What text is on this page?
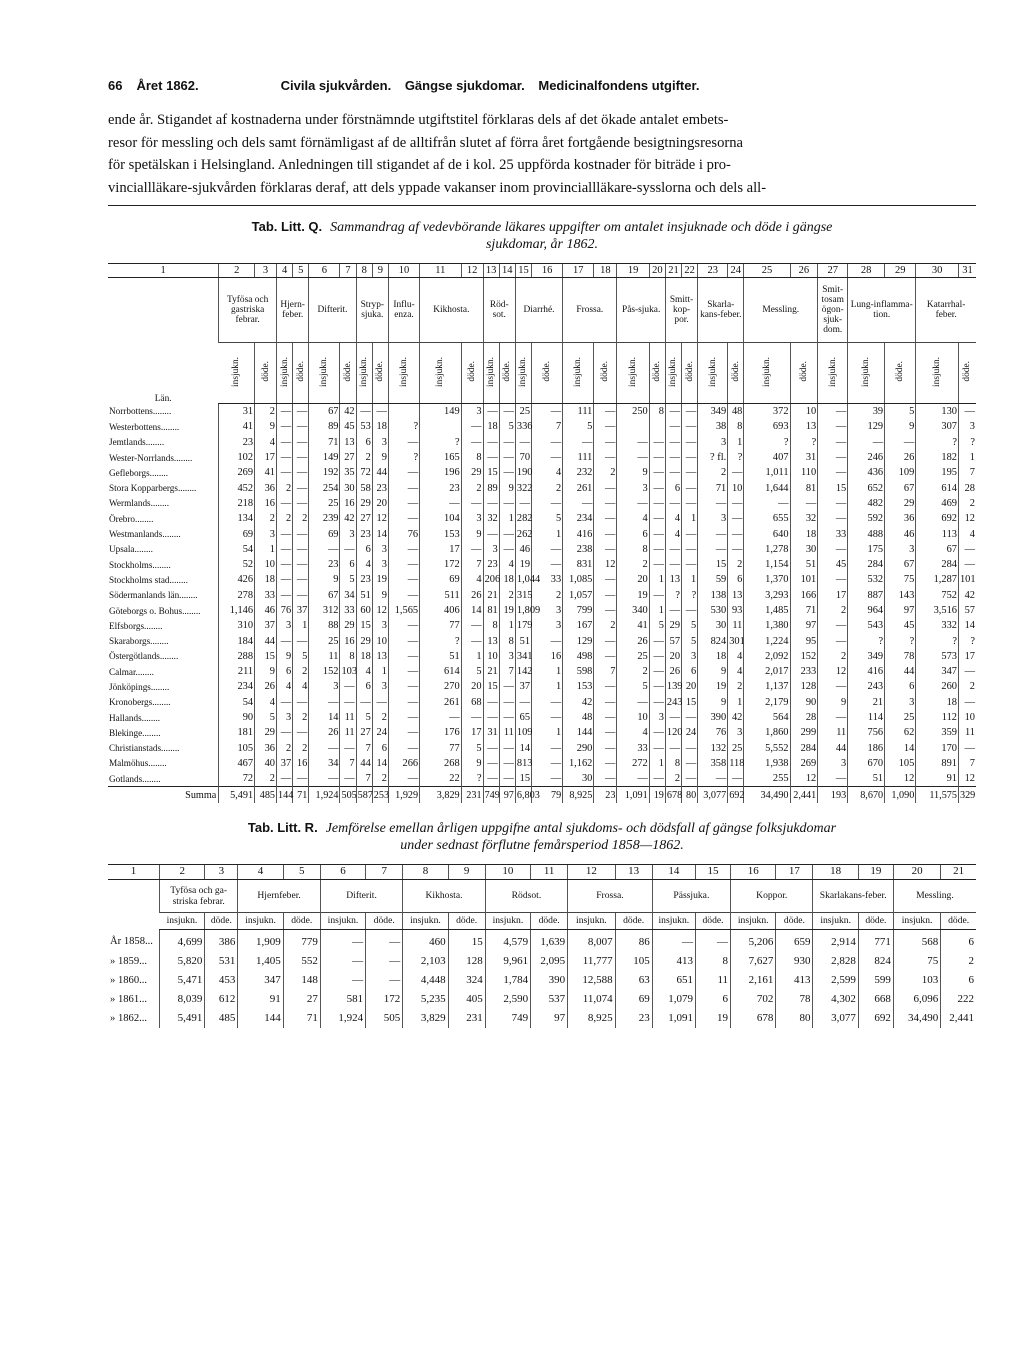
66 Året 1862.	Civila sjukvården. Gängse sjukdomar. Medicinalfondens utgifter.
ende år. Stigandet af kostnaderna under förstnämnde utgiftstitel förklaras dels af det ökade antalet embets-
resor för messling och dels samt förnämligast af de alltifrån slutet af förra året fortgående besigtningsresorna
för spetälskan i Helsingland. Anledningen till stigandet af de i kol. 25 uppförda kostnader för biträde i pro-
vinciallläkare-sjukvården förklaras deraf, att dels yppade vakanser inom provinciallläkare-sysslorna och dels all-
Tab. Litt. Q. Sammandrag af vedevbörande läkares uppgifter om antalet insjuknade och döde i gängse
sjukdomar, år 1862.
1	2	3	4	5	6	7	8	9	10	11	12	13	14	15	16	17	18	19	20	21	22	23	24	25	26	27	28	29	30	31
Län.	Tyfösa och gastriska febrar.		Hjern-feber.		Difterit.		Stryp-sjuka.		Influ-enza.	Kikhosta.		Röd-sot.		Diarrhé.		Frossa.		Pås-sjuka.		Smitt-kop-por.		Skarla-kans-feber.		Messling.		Smit-tosam ögon-sjuk-dom.	Lung-inflamma-tion.		Katarrhal-feber.	
	insjukn.	döde.	insjukn.	döde.	insjukn.	döde.	insjukn.	döde.	insjukn.	insjukn.	döde.	insjukn.	döde.	insjukn.	döde.	insjukn.	döde.	insjukn.	döde.	insjukn.	döde.	insjukn.	döde.	insjukn.	döde.	insjukn.	insjukn.	döde.	insjukn.	döde.
Norrbottens........	31	2	—	—	67	42	—	—		149	3	—	—	25	—	111	—	250	8	—	—	349	48	372	10	—	39	5	130	—
Westerbottens........	41	9	—	—	89	45	53	18	?		—	18	5	336	7	5	—			—	—	38	8	693	13	—	129	9	307	3
Jemtlands........	23	4	—	—	71	13	6	3	—	?	—	—	—	—	—	—	—	—	—	—	—	3	1	?	?	—	—	—	?	?
Wester-Norrlands........	102	17	—	—	149	27	2	9	?	165	8	—	—	70	—	111	—	—	—	—	—	? fl.	?	407	31	—	246	26	182	1
Gefleborgs........	269	41	—	—	192	35	72	44	—	196	29	15	—	190	4	232	2	9	—	—	—	2	—	1,011	110	—	436	109	195	7
Stora Kopparbergs........	452	36	2	—	254	30	58	23	—	23	2	89	9	322	2	261	—	3	—	6	—	71	10	1,644	81	15	652	67	614	28
Wermlands........	218	16	—	—	25	16	29	20	—	—	—	—	—	—	—	—	—	—	—	—	—	—	—	—	—	—	482	29	469	2
Örebro........	134	2	2	2	239	42	27	12	—	104	3	32	1	282	5	234	—	4	—	4	1	3	—	655	32	—	592	36	692	12
Westmanlands........	69	3	—	—	69	3	23	14	76	153	9	—	—	262	1	416	—	6	—	4	—	—	—	640	18	33	488	46	113	4
Upsala........	54	1	—	—	—	—	6	3	—	17	—	3	—	46	—	238	—	8	—	—	—	—	—	1,278	30	—	175	3	67	—
Stockholms........	52	10	—	—	23	6	4	3	—	172	7	23	4	19	—	831	12	2	—	—	—	15	2	1,154	51	45	284	67	284	—
Stockholms stad........	426	18	—	—	9	5	23	19	—	69	4	206	18	1,044	33	1,085	—	20	1	13	1	59	6	1,370	101	—	532	75	1,287	101
Södermanlands län........	278	33	—	—	67	34	51	9	—	511	26	21	2	315	2	1,057	—	19	—	?	?	138	13	3,293	166	17	887	143	752	42
Göteborgs o. Bohus........	1,146	46	76	37	312	33	60	12	1,565	406	14	81	19	1,809	3	799	—	340	1	—	—	530	93	1,485	71	2	964	97	3,516	57
Elfsborgs........	310	37	3	1	88	29	15	3	—	77	—	8	1	179	3	167	2	41	5	29	5	30	11	1,380	97	—	543	45	332	14
Skaraborgs........	184	44	—	—	25	16	29	10	—	?	—	13	8	51	—	129	—	26	—	57	5	824	301	1,224	95	—	?	?	?	?
Östergötlands........	288	15	9	5	11	8	18	13	—	51	1	10	3	341	16	498	—	25	—	20	3	18	4	2,092	152	2	349	78	573	17
Calmar........	211	9	6	2	152	103	4	1	—	614	5	21	7	142	1	598	7	2	—	26	6	9	4	2,017	233	12	416	44	347	—
Jönköpings........	234	26	4	4	3	—	6	3	—	270	20	15	—	37	1	153	—	5	—	139	20	19	2	1,137	128	—	243	6	260	2
Kronobergs........	54	4	—	—	—	—	—	—	—	261	68	—	—	—	—	42	—	—	—	243	15	9	1	2,179	90	9	21	3	18	—
Hallands........	90	5	3	2	14	11	5	2	—	—	—	—	—	65	—	48	—	10	3	—	—	390	42	564	28	—	114	25	112	10
Blekinge........	181	29	—	—	26	11	27	24	—	176	17	31	11	109	1	144	—	4	—	120	24	76	3	1,860	299	11	756	62	359	11
Christianstads........	105	36	2	2	—	—	7	6	—	77	5	—	—	14	—	290	—	33	—	—	—	132	25	5,552	284	44	186	14	170	—
Malmöhus........	467	40	37	16	34	7	44	14	266	268	9	—	—	813	—	1,162	—	272	1	8	—	358	118	1,938	269	3	670	105	891	7
Gotlands........	72	2	—	—	—	—	7	2	—	22	?	—	—	15	—	30	—	—	—	2	—	—	—	255	12	—	51	12	91	12
Summa	5,491	485	144	71	1,924	505	587	253	1,929	3,829	231	749	97	6,803	79	8,925	23	1,091	19	678	80	3,077	692	34,490	2,441	193	8,670	1,090	11,575	329
Tab. Litt. R. Jemförelse emellan årligen uppgifne antal sjukdoms- och dödsfall af gängse folksjukdomar
under sednast förflutne femårsperiod 1858—1862.
1	2	3	4	5	6	7	8	9	10	11	12	13	14	15	16	17	18	19	20	21
	Tyfösa och ga-striska febrar.		Hjernfeber.		Difterit.		Kikhosta.		Rödsot.		Frossa.		Pässjuka.		Koppor.		Skarlakans-feber.		Messling.	
	insjukn.	döde.	insjukn.	döde.	insjukn.	döde.	insjukn.	döde.	insjukn.	döde.	insjukn.	döde.	insjukn.	döde.	insjukn.	döde.	insjukn.	döde.	insjukn.	döde.
År 1858...	4,699	386	1,909	779	—	—	460	15	4,579	1,639	8,007	86	—	—	5,206	659	2,914	771	568	6
» 1859...	5,820	531	1,405	552	—	—	2,103	128	9,961	2,095	11,777	105	413	8	7,627	930	2,828	824	75	2
» 1860...	5,471	453	347	148	—	—	4,448	324	1,784	390	12,588	63	651	11	2,161	413	2,599	599	103	6
» 1861...	8,039	612	91	27	581	172	5,235	405	2,590	537	11,074	69	1,079	6	702	78	4,302	668	6,096	222
» 1862...	5,491	485	144	71	1,924	505	3,829	231	749	97	8,925	23	1,091	19	678	80	3,077	692	34,490	2,441
